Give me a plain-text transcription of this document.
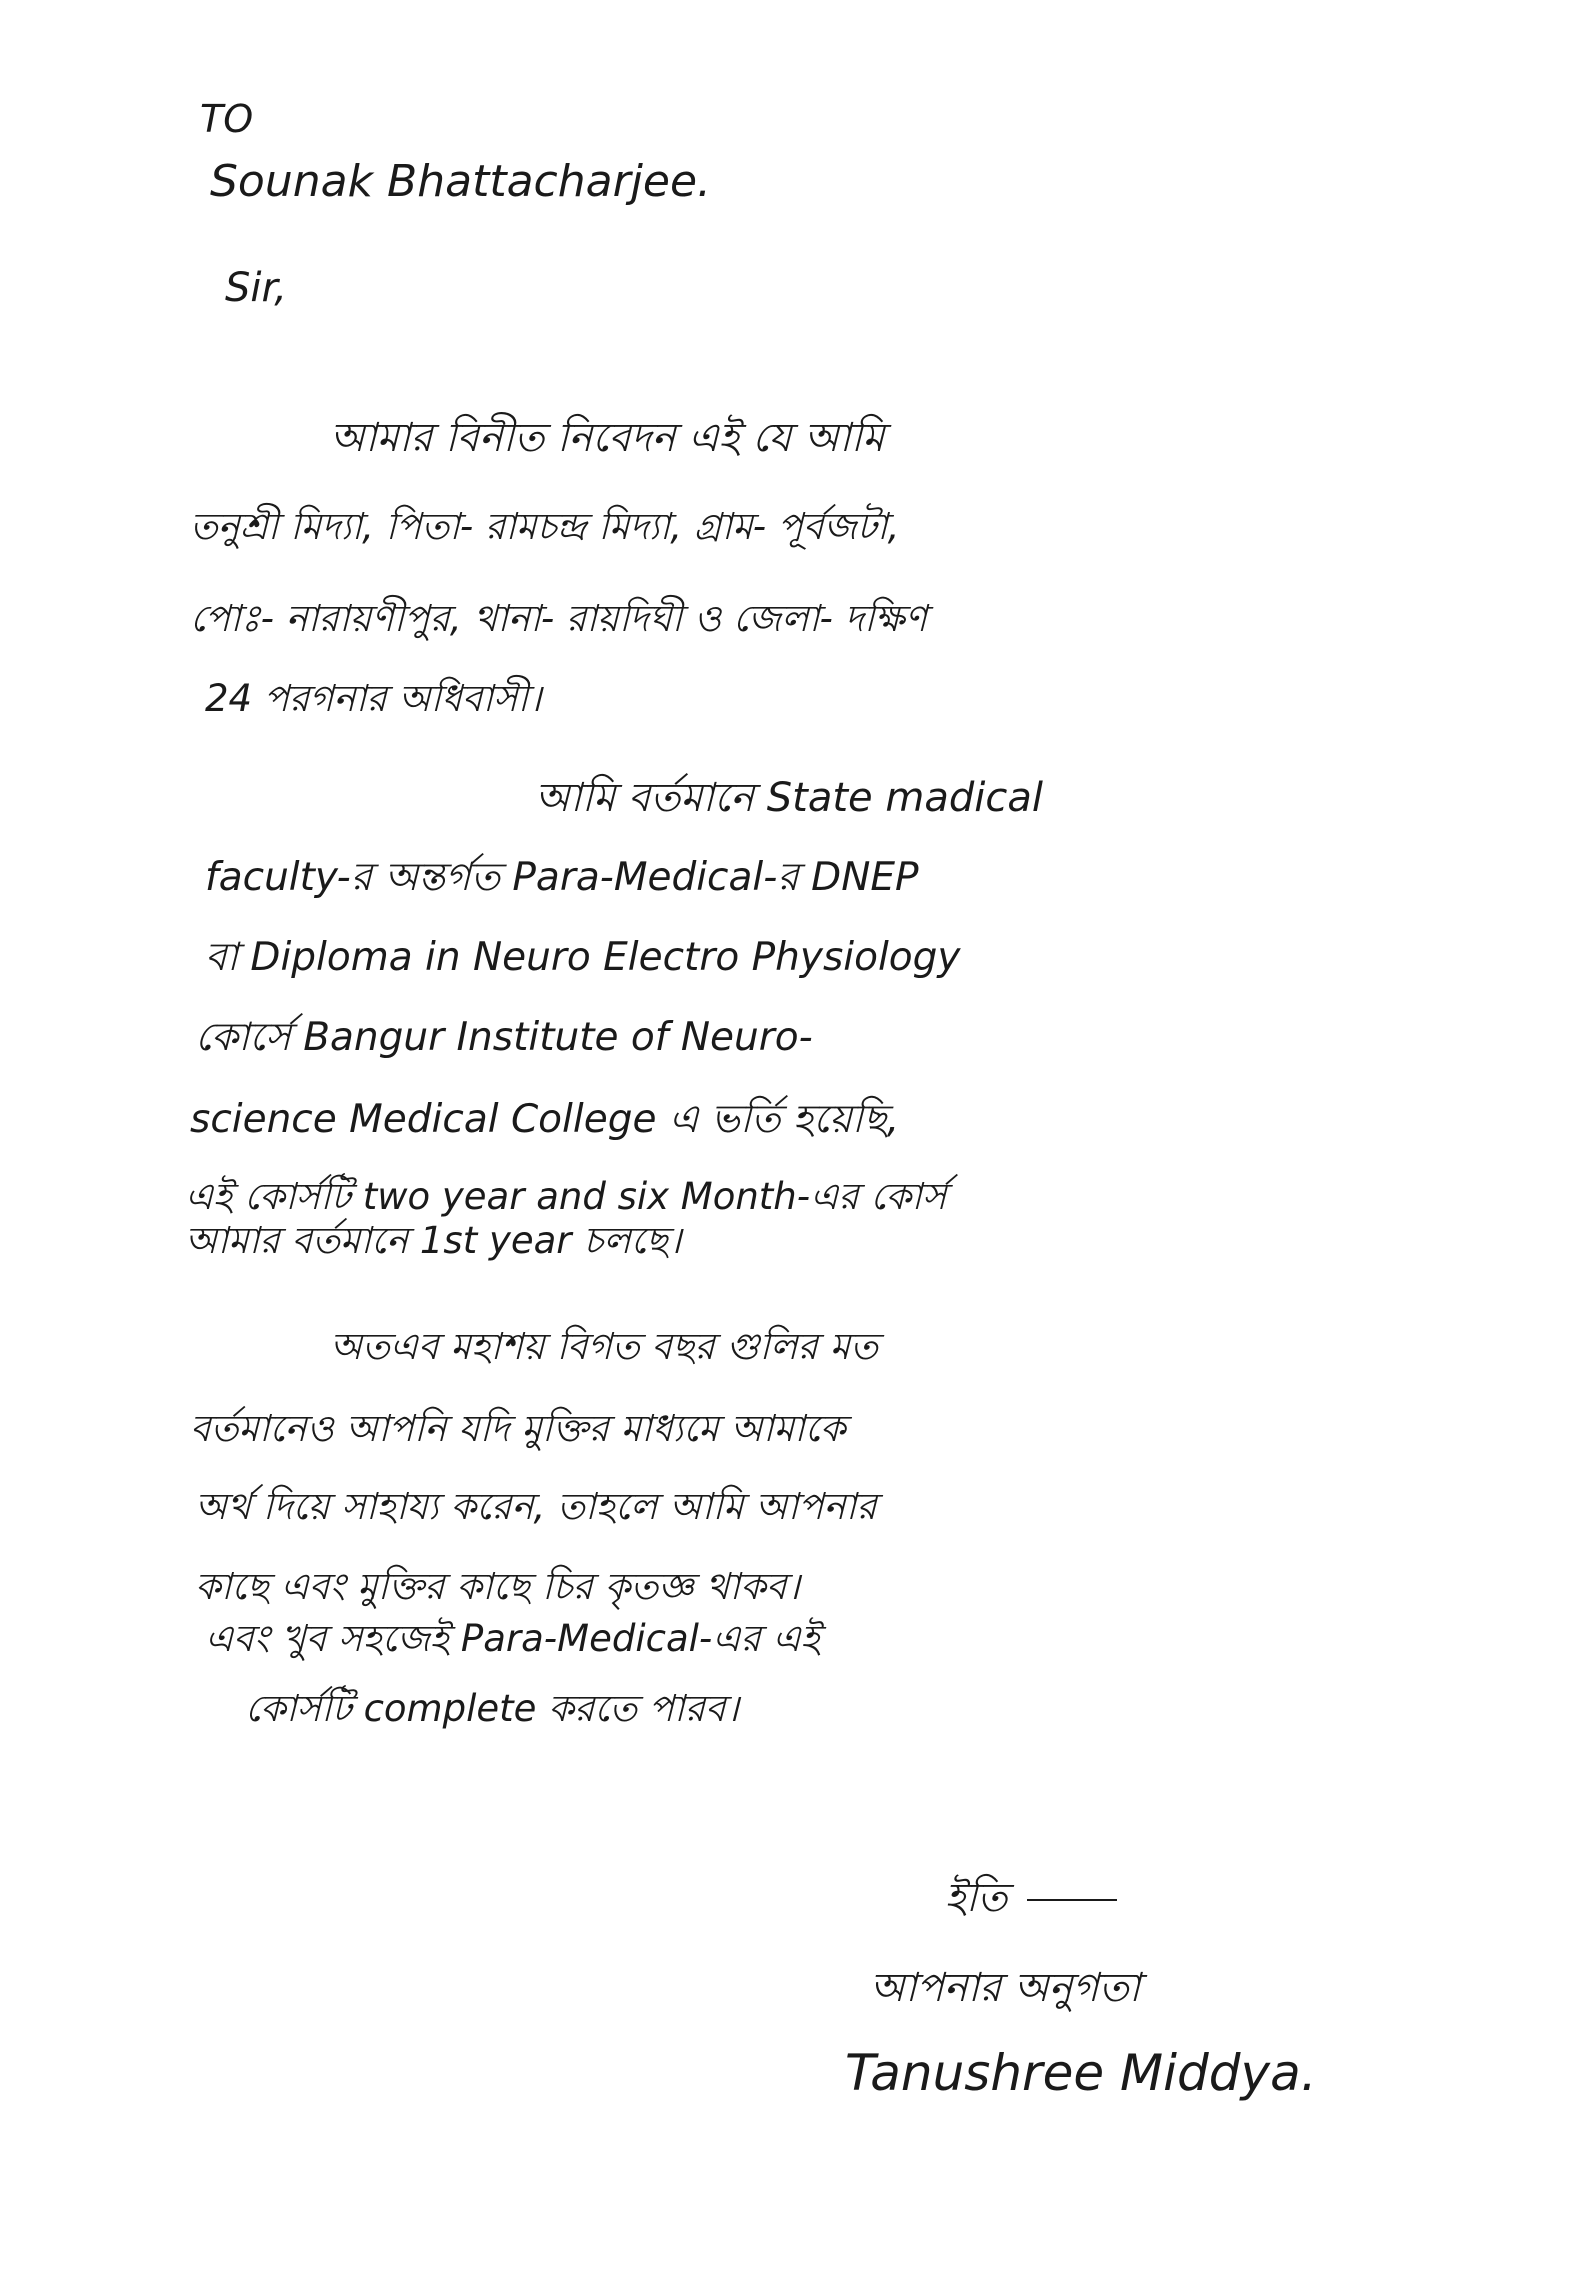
TO
Sounak Bhattacharjee.
Sir,
আমার বিনীত নিবেদন এই যে আমি
তনুশ্রী মিদ্যা, পিতা- রামচন্দ্র মিদ্যা, গ্রাম- পূর্বজটা,
পোঃ- নারায়ণীপুর, থানা- রায়দিঘী ও জেলা- দক্ষিণ
24 পরগনার অধিবাসী।
আমি বর্তমানে State madical
faculty-র অন্তর্গত Para-Medical-র DNEP
বা Diploma in Neuro Electro Physiology
কোর্সে Bangur Institute of Neuro-
science Medical College এ ভর্তি হয়েছি,
এই কোর্সটি two year and six Month-এর কোর্স
আমার বর্তমানে 1st year চলছে।
অতএব মহাশয় বিগত বছর গুলির মত
বর্তমানেও আপনি যদি মুক্তির মাধ্যমে আমাকে
অর্থ দিয়ে সাহায্য করেন, তাহলে আমি আপনার
কাছে এবং মুক্তির কাছে চির কৃতজ্ঞ থাকব।
এবং খুব সহজেই Para-Medical-এর এই
কোর্সটি complete করতে পারব।
ইতি
আপনার অনুগতা
Tanushree Middya.
